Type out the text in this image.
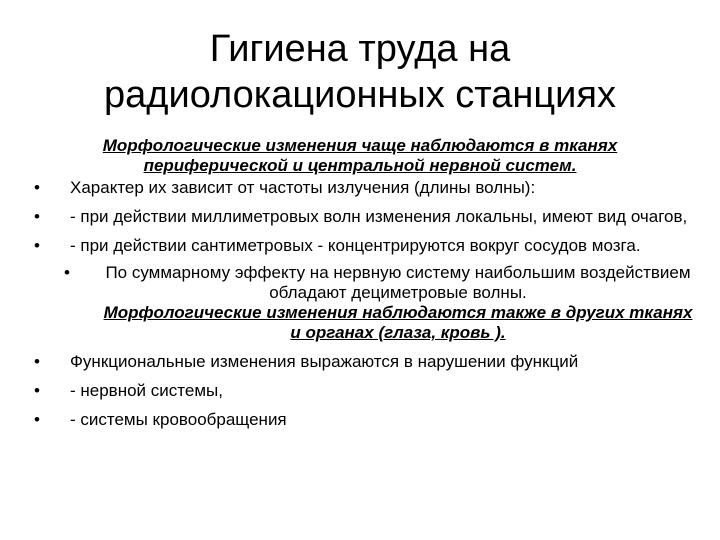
Гигиена труда на
радиолокационных станциях
Морфологические изменения чаще наблюдаются в тканях периферической и центральной нервной систем.
•	Характер их зависит от частоты излучения (длины волны):
•	- при действии миллиметровых волн изменения локальны, имеют вид очагов,
•	- при действии сантиметровых - концентрируются вокруг сосудов мозга.
•	По суммарному эффекту на нервную систему наибольшим воздействием обладают дециметровые волны.
Морфологические изменения наблюдаются также в других тканях и органах (глаза, кровь ).
•	Функциональные изменения выражаются в нарушении функций
•	- нервной системы,
•	- системы кровообращения
